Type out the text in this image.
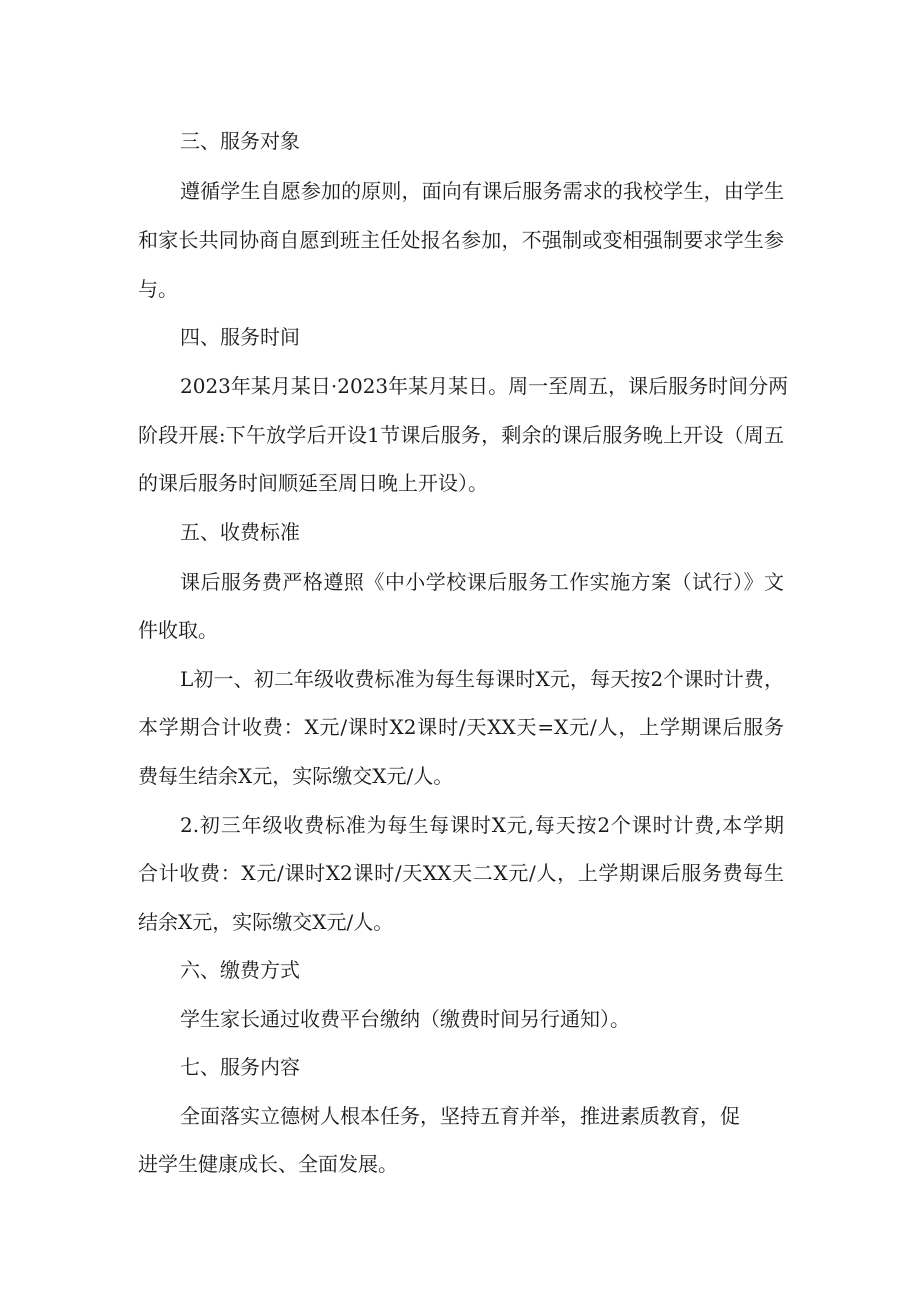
三、服务对象
遵循学生自愿参加的原则，面向有课后服务需求的我校学生，由学生
和家长共同协商自愿到班主任处报名参加，不强制或变相强制要求学生参
与。
四、服务时间
2023年某月某日·2023年某月某日。周一至周五，课后服务时间分两
阶段开展:下午放学后开设1节课后服务，剩余的课后服务晚上开设（周五
的课后服务时间顺延至周日晚上开设）。
五、收费标准
课后服务费严格遵照《中小学校课后服务工作实施方案（试行）》文
件收取。
L初一、初二年级收费标准为每生每课时X元，每天按2个课时计费，
本学期合计收费：X元/课时X2课时/天XX天=X元/人，上学期课后服务
费每生结余X元，实际缴交X元/人。
2.初三年级收费标准为每生每课时X元,每天按2个课时计费,本学期
合计收费：X元/课时X2课时/天XX天二X元/人，上学期课后服务费每生
结余X元，实际缴交X元/人。
六、缴费方式
学生家长通过收费平台缴纳（缴费时间另行通知）。
七、服务内容
全面落实立德树人根本任务，坚持五育并举，推进素质教育，促
进学生健康成长、全面发展。
